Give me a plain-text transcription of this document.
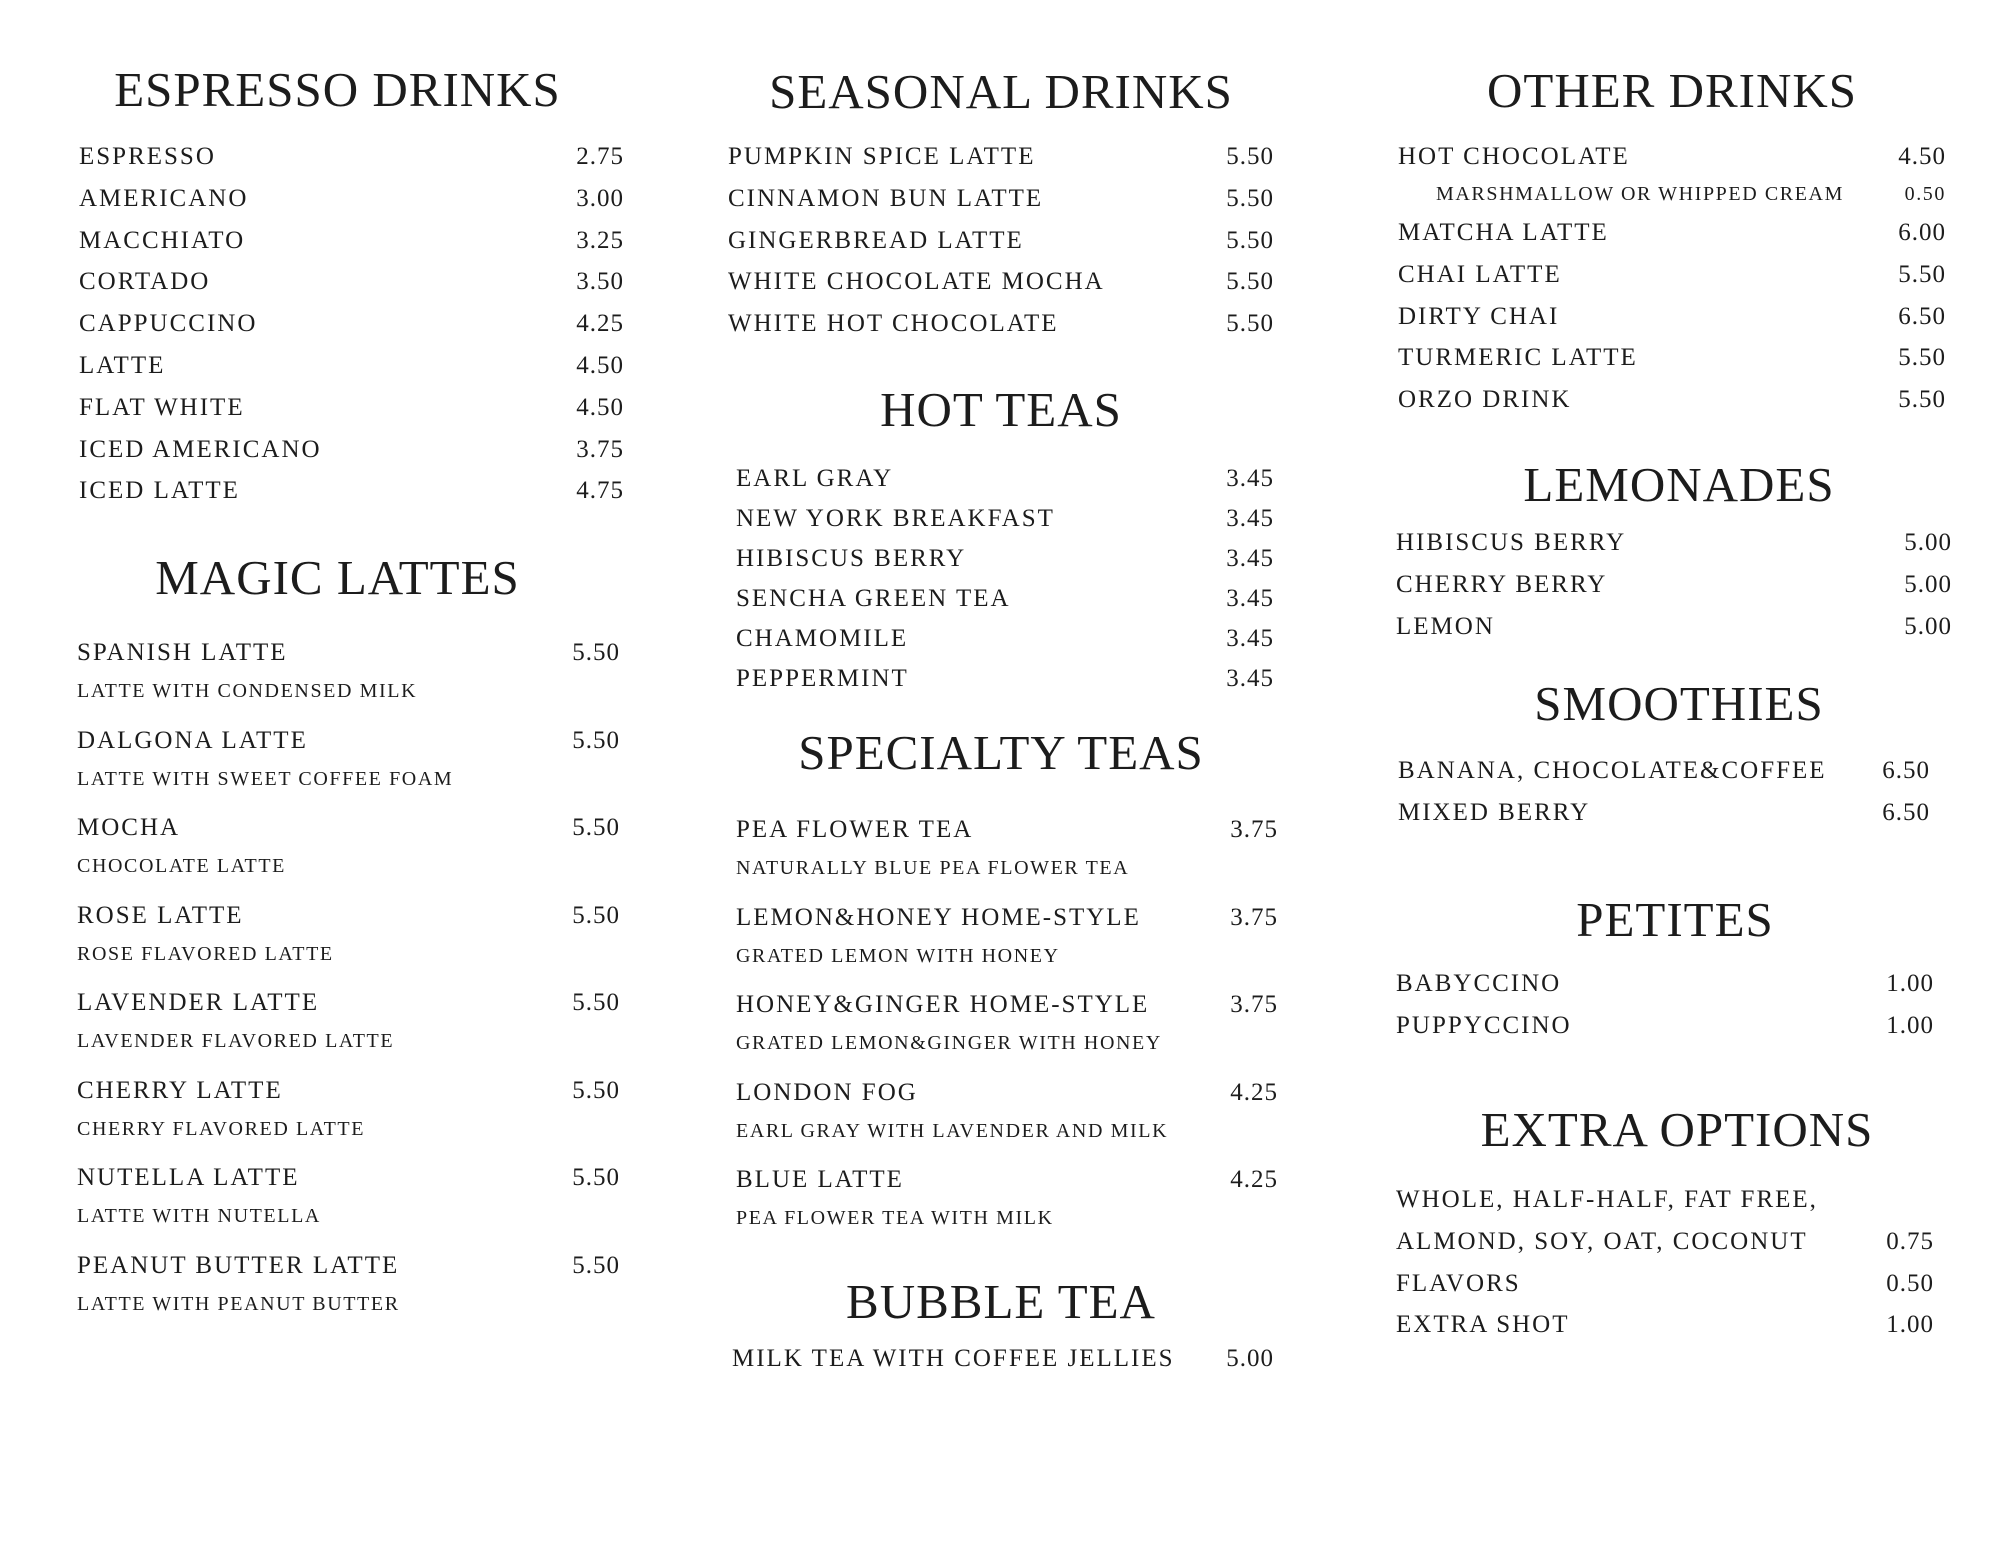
ESPRESSO DRINKS
ESPRESSO	2.75
AMERICANO	3.00
MACCHIATO	3.25
CORTADO	3.50
CAPPUCCINO	4.25
LATTE	4.50
FLAT WHITE	4.50
ICED AMERICANO	3.75
ICED LATTE	4.75
MAGIC LATTES
SPANISH LATTE	5.50
LATTE WITH CONDENSED MILK
DALGONA LATTE	5.50
LATTE WITH SWEET COFFEE FOAM
MOCHA	5.50
CHOCOLATE LATTE
ROSE LATTE	5.50
ROSE FLAVORED LATTE
LAVENDER LATTE	5.50
LAVENDER FLAVORED LATTE
CHERRY LATTE	5.50
CHERRY FLAVORED LATTE
NUTELLA LATTE	5.50
LATTE WITH NUTELLA
PEANUT BUTTER LATTE	5.50
LATTE WITH PEANUT BUTTER
SEASONAL DRINKS
PUMPKIN SPICE LATTE	5.50
CINNAMON BUN LATTE	5.50
GINGERBREAD LATTE	5.50
WHITE CHOCOLATE MOCHA	5.50
WHITE HOT CHOCOLATE	5.50
HOT TEAS
EARL GRAY	3.45
NEW YORK BREAKFAST	3.45
HIBISCUS BERRY	3.45
SENCHA GREEN TEA	3.45
CHAMOMILE	3.45
PEPPERMINT	3.45
SPECIALTY TEAS
PEA FLOWER TEA	3.75
NATURALLY BLUE PEA FLOWER TEA
LEMON&HONEY HOME-STYLE	3.75
GRATED LEMON WITH HONEY
HONEY&GINGER HOME-STYLE	3.75
GRATED LEMON&GINGER WITH HONEY
LONDON FOG	4.25
EARL GRAY WITH LAVENDER AND MILK
BLUE LATTE	4.25
PEA FLOWER TEA WITH MILK
BUBBLE TEA
MILK TEA WITH COFFEE JELLIES 5.00
OTHER DRINKS
HOT CHOCOLATE	4.50
MARSHMALLOW OR WHIPPED CREAM	0.50
MATCHA LATTE	6.00
CHAI LATTE	5.50
DIRTY CHAI	6.50
TURMERIC LATTE	5.50
ORZO DRINK	5.50
LEMONADES
HIBISCUS BERRY	5.00
CHERRY BERRY	5.00
LEMON	5.00
SMOOTHIES
BANANA, CHOCOLATE&COFFEE 6.50
MIXED BERRY	6.50
PETITES
BABYCCINO	1.00
PUPPYCCINO	1.00
EXTRA OPTIONS
WHOLE, HALF-HALF, FAT FREE,
ALMOND, SOY, OAT, COCONUT	0.75
FLAVORS	0.50
EXTRA SHOT	1.00
